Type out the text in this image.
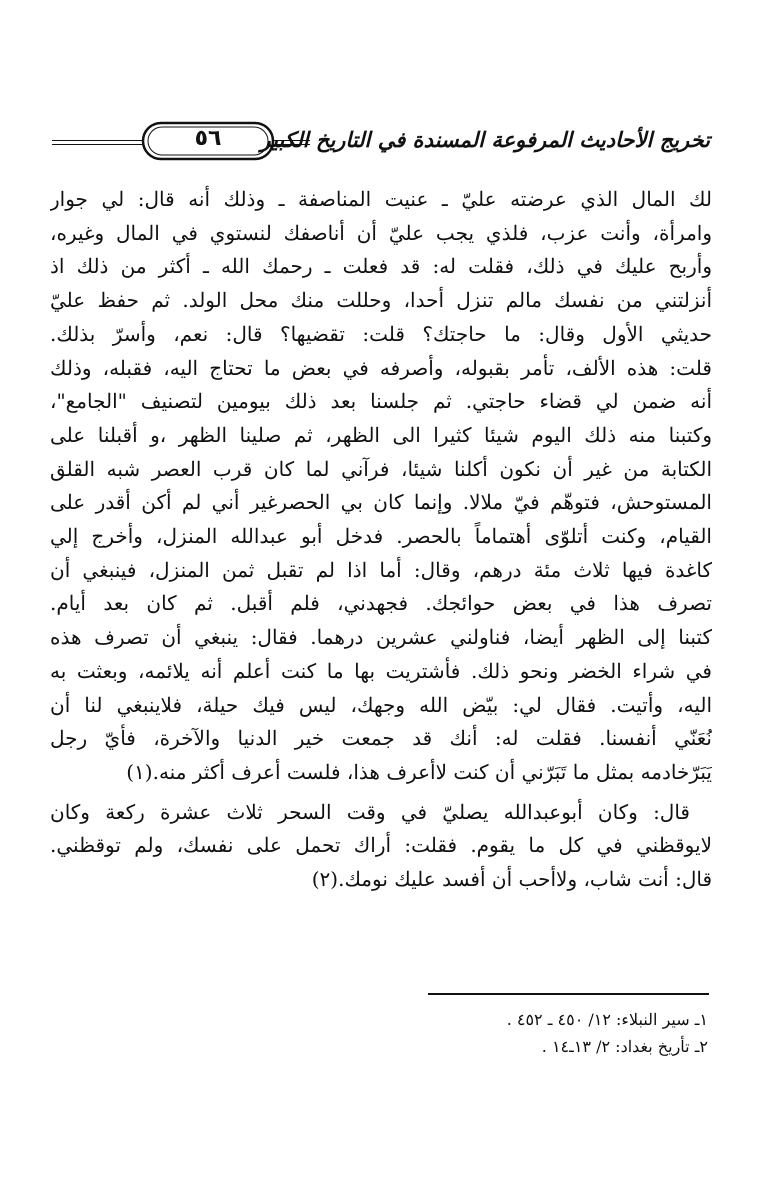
٥٦	تخريج الأحاديث المرفوعة المسندة في التاريخ الكبير
لك المال الذي عرضته عليّ ـ عنيت المناصفة ـ وذلك أنه قال: لي جوار
وامرأة، وأنت عزب، فلذي يجب عليّ أن أناصفك لنستوي في المال وغيره،
وأربح عليك في ذلك، فقلت له: قد فعلت ـ رحمك الله ـ أكثر من ذلك اذ
أنزلتني من نفسك مالم تنزل أحدا، وحللت منك محل الولد. ثم حفظ عليّ
حديثي الأول وقال: ما حاجتك؟ قلت: تقضيها؟ قال: نعم، وأسرّ بذلك.
قلت: هذه الألف، تأمر بقبوله، وأصرفه في بعض ما تحتاج اليه، فقبله، وذلك
أنه ضمن لي قضاء حاجتي. ثم جلسنا بعد ذلك بيومين لتصنيف "الجامع"،
وكتبنا منه ذلك اليوم شيئا كثيرا الى الظهر، ثم صلينا الظهر ،و أقبلنا على
الكتابة من غير أن نكون أكلنا شيئا، فرآني لما كان قرب العصر شبه القلق
المستوحش، فتوهّم فيّ ملالا. وإنما كان بي الحصرغير أني لم أكن أقدر على
القيام، وكنت أتلوّى أهتماماً بالحصر. فدخل أبو عبدالله المنزل، وأخرج إلي
كاغدة فيها ثلاث مئة درهم، وقال: أما اذا لم تقبل ثمن المنزل، فينبغي أن
تصرف هذا في بعض حوائجك. فجهدني، فلم أقبل. ثم كان بعد أيام.
كتبنا إلى الظهر أيضا، فناولني عشرين درهما. فقال: ينبغي أن تصرف هذه
في شراء الخضر ونحو ذلك. فأشتريت بها ما كنت أعلم أنه يلائمه، وبعثت به
اليه، وأتيت. فقال لي: بيّض الله وجهك، ليس فيك حيلة، فلاينبغي لنا أن
نُعَنّي أنفسنا. فقلت له: أنك قد جمعت خير الدنيا والآخرة، فأيّ رجل
يَبَرّخادمه بمثل ما تَبَرّني أن كنت لاأعرف هذا، فلست أعرف أكثر منه.(١)
قال: وكان أبوعبدالله يصليّ في وقت السحر ثلاث عشرة ركعة وكان
لايوقظني في كل ما يقوم. فقلت: أراك تحمل على نفسك، ولم توقظني.
قال: أنت شاب، ولاأحب أن أفسد عليك نومك.(٢)
١ـ سير النبلاء: ١٢/ ٤٥٠ ـ ٤٥٢ .
٢ـ تأريخ بغداد: ٢/ ١٣ـ١٤ .
